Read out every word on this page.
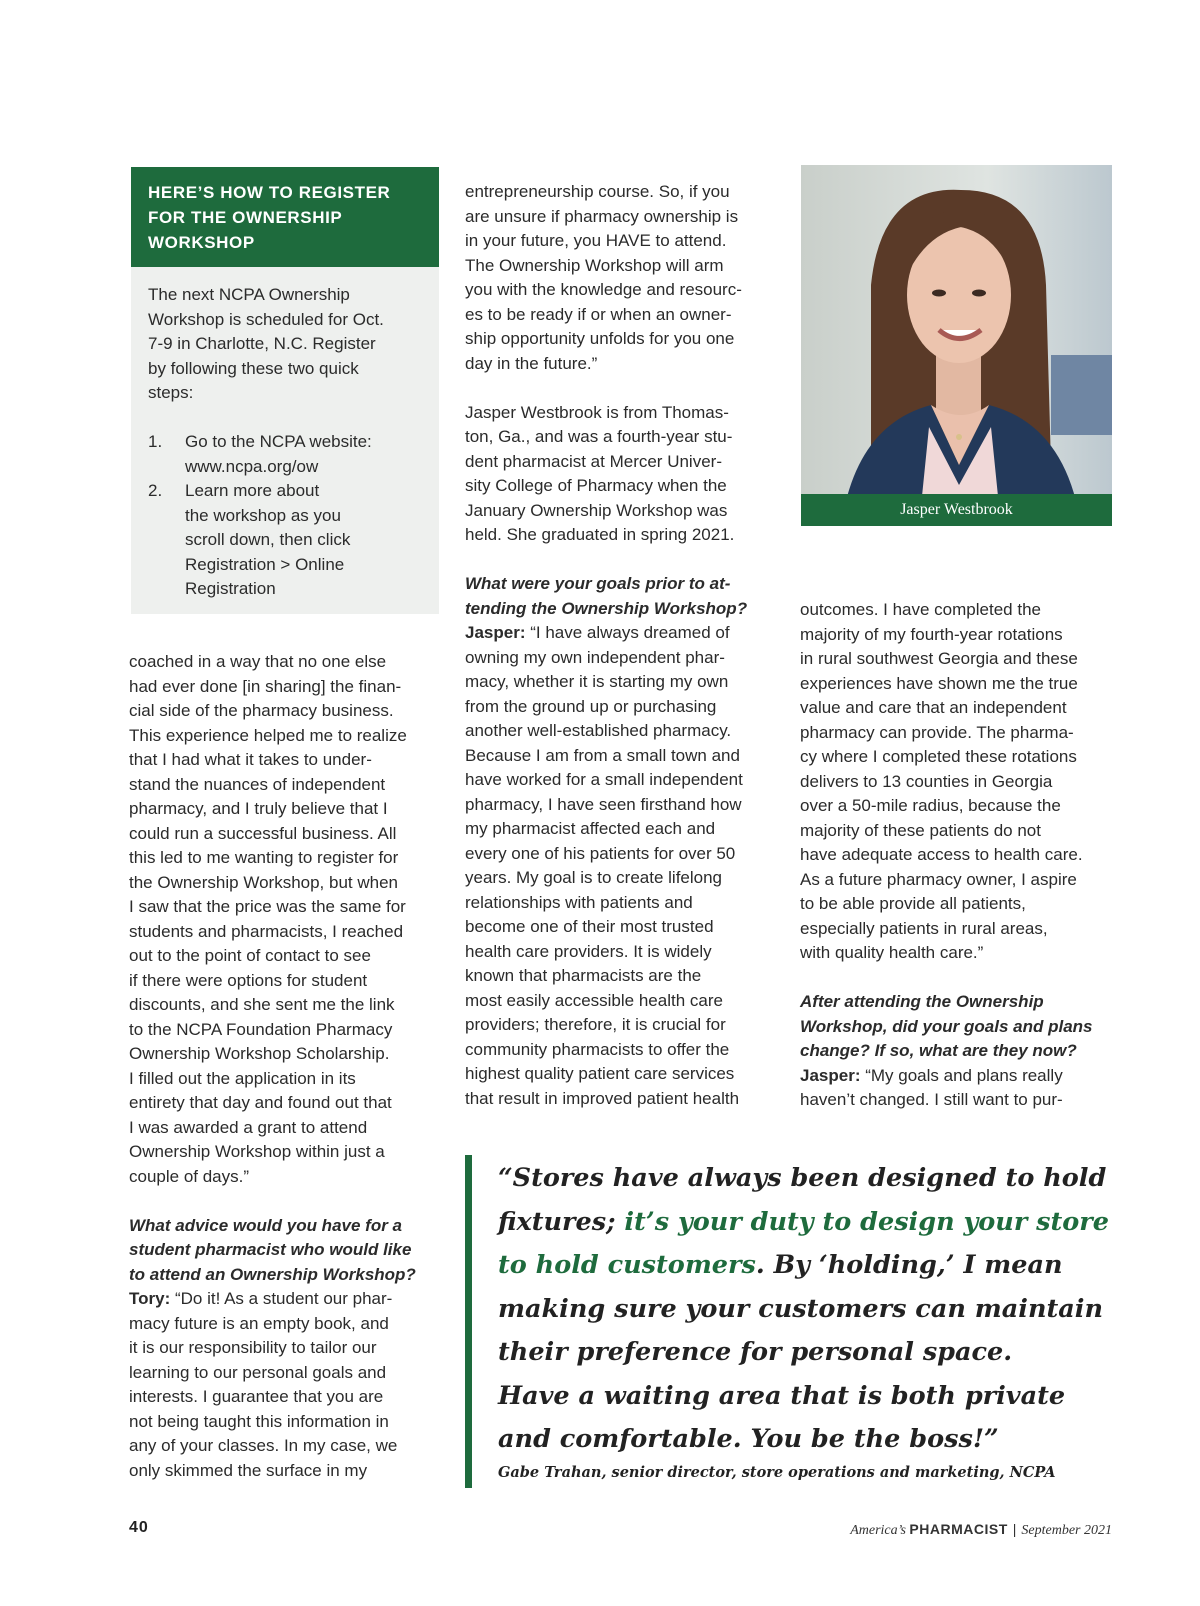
HERE’S HOW TO REGISTER
FOR THE OWNERSHIP
WORKSHOP
The next NCPA Ownership
Workshop is scheduled for Oct.
7-9 in Charlotte, N.C. Register
by following these two quick
steps:
1.	Go to the NCPA website:
www.ncpa.org/ow
2.	Learn more about
the workshop as you
scroll down, then click
Registration > Online
Registration

coached in a way that no one else
had ever done [in sharing] the finan-
cial side of the pharmacy business.
This experience helped me to realize
that I had what it takes to under-
stand the nuances of independent
pharmacy, and I truly believe that I
could run a successful business. All
this led to me wanting to register for
the Ownership Workshop, but when
I saw that the price was the same for
students and pharmacists, I reached
out to the point of contact to see
if there were options for student
discounts, and she sent me the link
to the NCPA Foundation Pharmacy
Ownership Workshop Scholarship.
I filled out the application in its
entirety that day and found out that
I was awarded a grant to attend
Ownership Workshop within just a
couple of days.”

What advice would you have for a
student pharmacist who would like
to attend an Ownership Workshop?

Tory: “Do it! As a student our phar-
macy future is an empty book, and
it is our responsibility to tailor our
learning to our personal goals and
interests. I guarantee that you are
not being taught this information in
any of your classes. In my case, we
only skimmed the surface in my

entrepreneurship course. So, if you
are unsure if pharmacy ownership is
in your future, you HAVE to attend.
The Ownership Workshop will arm
you with the knowledge and resourc-
es to be ready if or when an owner-
ship opportunity unfolds for you one
day in the future.”

Jasper Westbrook is from Thomas-
ton, Ga., and was a fourth-year stu-
dent pharmacist at Mercer Univer-
sity College of Pharmacy when the
January Ownership Workshop was
held. She graduated in spring 2021.

What were your goals prior to at-
tending the Ownership Workshop?

Jasper: “I have always dreamed of
owning my own independent phar-
macy, whether it is starting my own
from the ground up or purchasing
another well-established pharmacy.
Because I am from a small town and
have worked for a small independent
pharmacy, I have seen firsthand how
my pharmacist affected each and
every one of his patients for over 50
years. My goal is to create lifelong
relationships with patients and
become one of their most trusted
health care providers. It is widely
known that pharmacists are the
most easily accessible health care
providers; therefore, it is crucial for
community pharmacists to offer the
highest quality patient care services
that result in improved patient health

Jasper Westbrook

outcomes. I have completed the
majority of my fourth-year rotations
in rural southwest Georgia and these
experiences have shown me the true
value and care that an independent
pharmacy can provide. The pharma-
cy where I completed these rotations
delivers to 13 counties in Georgia
over a 50-mile radius, because the
majority of these patients do not
have adequate access to health care.
As a future pharmacy owner, I aspire
to be able provide all patients,
especially patients in rural areas,
with quality health care.”

After attending the Ownership
Workshop, did your goals and plans
change? If so, what are they now?

Jasper: “My goals and plans really
haven’t changed. I still want to pur-

“Stores have always been designed to hold
fixtures; it’s your duty to design your store
to hold customers. By ‘holding,’ I mean
making sure your customers can maintain
their preference for personal space.
Have a waiting area that is both private
and comfortable. You be the boss!”
Gabe Trahan, senior director, store operations and marketing, NCPA
40	America’s PHARMACIST | September 2021
